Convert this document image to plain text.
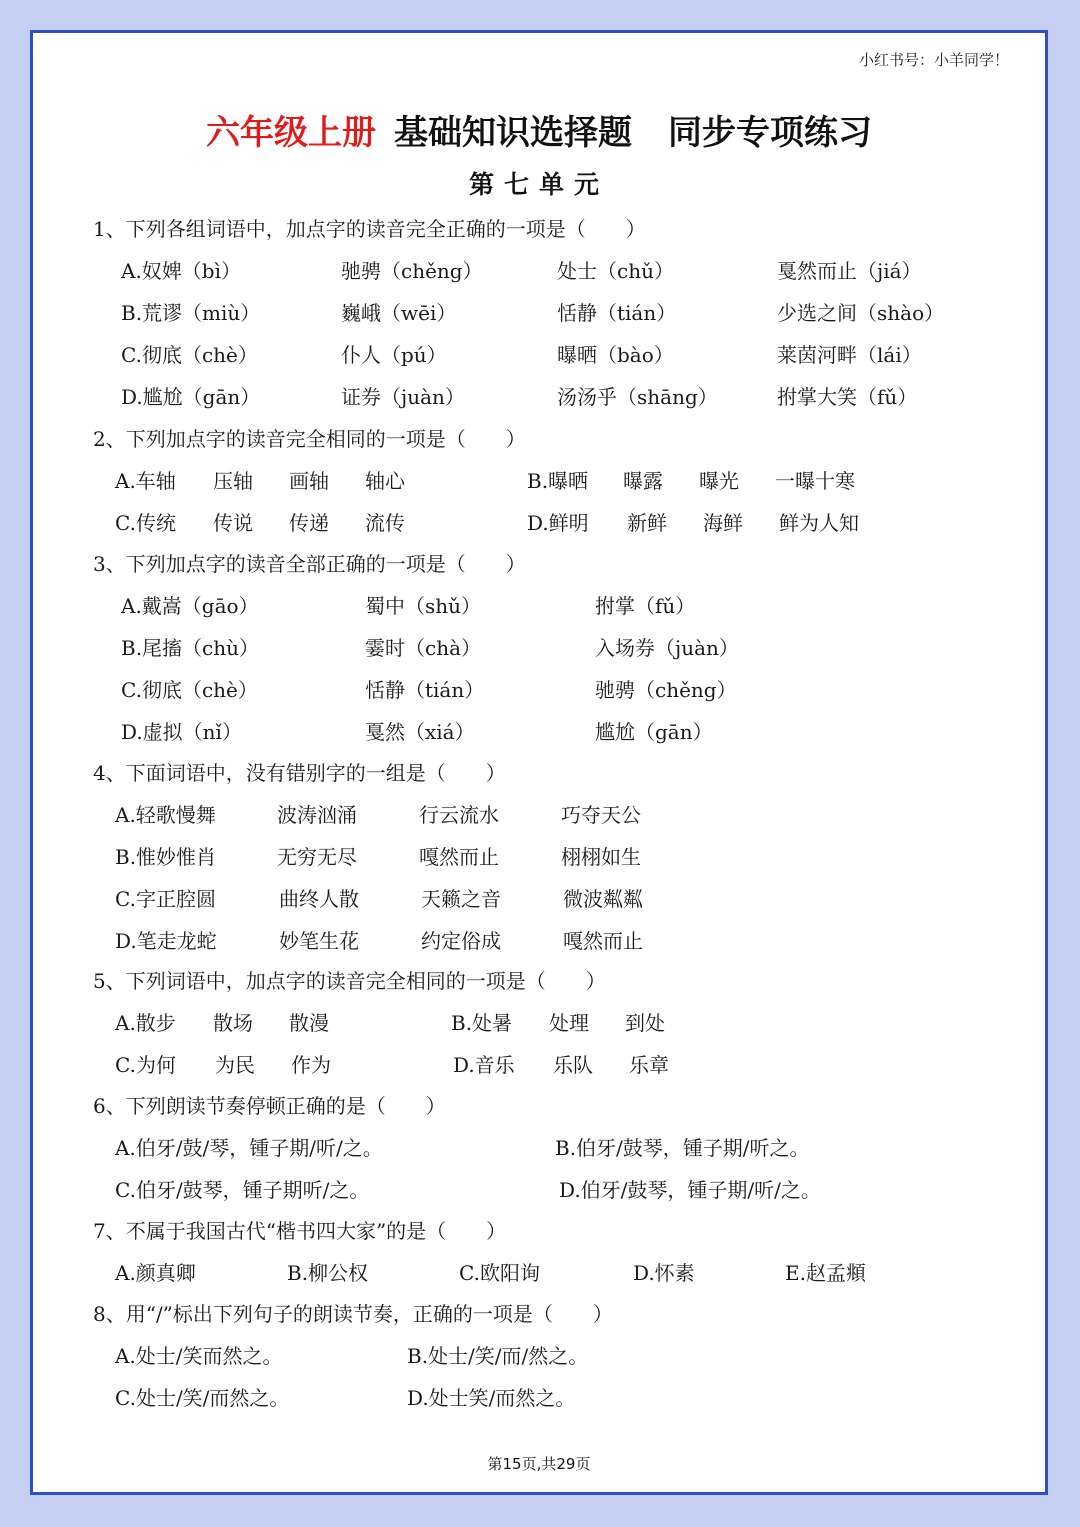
小红书号：小羊同学！
六年级上册 基础知识选择题 同步专项练习
第七单元
1、下列各组词语中，加点字的读音完全正确的一项是（　　）
A.奴婢（bì）	驰骋（chěng）	处士（chǔ）	戛然而止（jiá）
B.荒谬（miù）	巍峨（wēi）	恬静（tián）	少选之间（shào）
C.彻底（chè）	仆人（pú）	曝晒（bào）	莱茵河畔（lái）
D.尴尬（gān）	证券（juàn）	汤汤乎（shāng）	拊掌大笑（fǔ）
2、下列加点字的读音完全相同的一项是（　　）
A.车轴 压轴 画轴 轴心	B.曝晒 曝露 曝光 一曝十寒
C.传统 传说 传递 流传	D.鲜明 新鲜 海鲜 鲜为人知
3、下列加点字的读音全部正确的一项是（　　）
A.戴嵩（gāo）	蜀中（shǔ）	拊掌（fǔ）
B.尾搐（chù）	霎时（chà）	入场券（juàn）
C.彻底（chè）	恬静（tián）	驰骋（chěng）
D.虚拟（nǐ）	戛然（xiá）	尴尬（gān）
4、下面词语中，没有错别字的一组是（　　）
A.轻歌慢舞	波涛汹涌	行云流水	巧夺天公
B.惟妙惟肖	无穷无尽	嘎然而止	栩栩如生
C.字正腔圆	曲终人散	天籁之音	微波粼粼
D.笔走龙蛇	妙笔生花	约定俗成	嘎然而止
5、下列词语中，加点字的读音完全相同的一项是（　　）
A.散步 散场 散漫	B.处暑 处理 到处
C.为何 为民 作为	D.音乐 乐队 乐章
6、下列朗读节奏停顿正确的是（　　）
A.伯牙/鼓/琴，锺子期/听/之。	B.伯牙/鼓琴，锺子期/听之。
C.伯牙/鼓琴，锺子期听/之。	D.伯牙/鼓琴，锺子期/听/之。
7、不属于我国古代“楷书四大家”的是（　　）
A.颜真卿	B.柳公权	C.欧阳询	D.怀素	E.赵孟頫
8、用“/”标出下列句子的朗读节奏，正确的一项是（　　）
A.处士/笑而然之。	B.处士/笑/而/然之。
C.处士/笑/而然之。	D.处士笑/而然之。
第15页,共29页
